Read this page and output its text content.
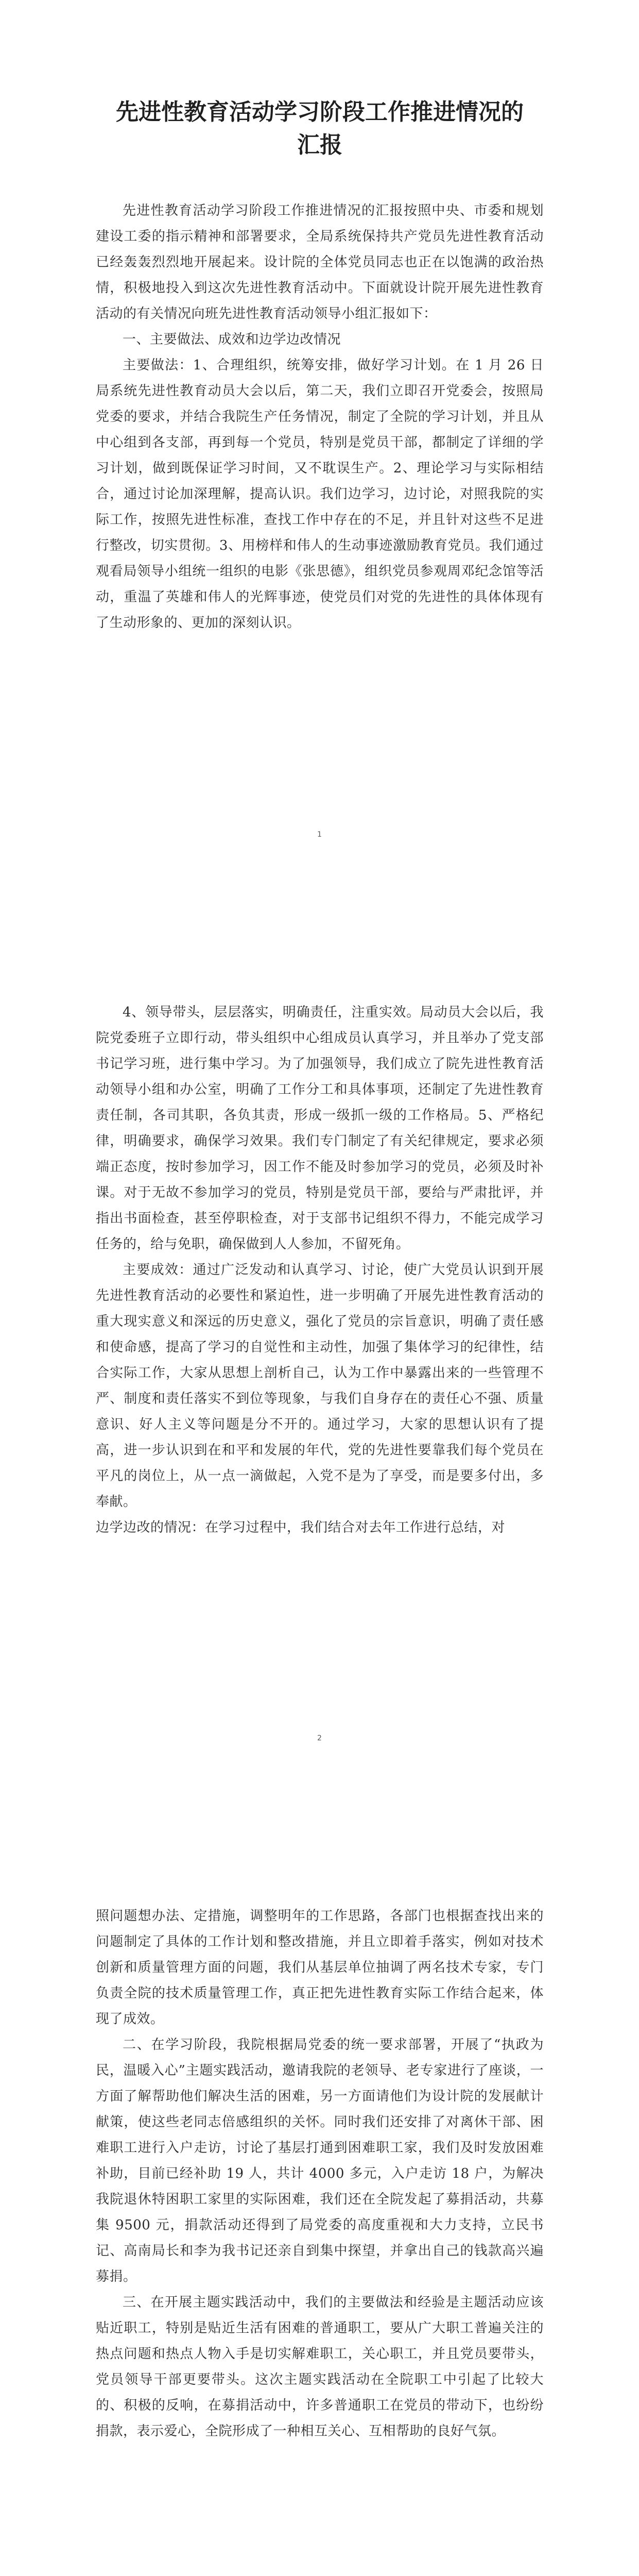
先进性教育活动学习阶段工作推进情况的
汇报

先进性教育活动学习阶段工作推进情况的汇报按照中央、市委和规划建设工委的指示精神和部署要求，全局系统保持共产党员先进性教育活动已经轰轰烈烈地开展起来。设计院的全体党员同志也正在以饱满的政治热情，积极地投入到这次先进性教育活动中。下面就设计院开展先进性教育活动的有关情况向班先进性教育活动领导小组汇报如下：

一、主要做法、成效和边学边改情况

主要做法：1、合理组织，统筹安排，做好学习计划。在 1 月 26 日局系统先进性教育动员大会以后，第二天，我们立即召开党委会，按照局党委的要求，并结合我院生产任务情况，制定了全院的学习计划，并且从中心组到各支部，再到每一个党员，特别是党员干部，都制定了详细的学习计划，做到既保证学习时间，又不耽误生产。2、理论学习与实际相结合，通过讨论加深理解，提高认识。我们边学习，边讨论，对照我院的实际工作，按照先进性标准，查找工作中存在的不足，并且针对这些不足进行整改，切实贯彻。3、用榜样和伟人的生动事迹激励教育党员。我们通过观看局领导小组统一组织的电影《张思德》，组织党员参观周邓纪念馆等活动，重温了英雄和伟人的光辉事迹，使党员们对党的先进性的具体体现有了生动形象的、更加的深刻认识。

1

4、领导带头，层层落实，明确责任，注重实效。局动员大会以后，我院党委班子立即行动，带头组织中心组成员认真学习，并且举办了党支部书记学习班，进行集中学习。为了加强领导，我们成立了院先进性教育活动领导小组和办公室，明确了工作分工和具体事项，还制定了先进性教育责任制，各司其职，各负其责，形成一级抓一级的工作格局。5、严格纪律，明确要求，确保学习效果。我们专门制定了有关纪律规定，要求必须端正态度，按时参加学习，因工作不能及时参加学习的党员，必须及时补课。对于无故不参加学习的党员，特别是党员干部，要给与严肃批评，并指出书面检查，甚至停职检查，对于支部书记组织不得力，不能完成学习任务的，给与免职，确保做到人人参加，不留死角。

主要成效：通过广泛发动和认真学习、讨论，使广大党员认识到开展先进性教育活动的必要性和紧迫性，进一步明确了开展先进性教育活动的重大现实意义和深远的历史意义，强化了党员的宗旨意识，明确了责任感和使命感，提高了学习的自觉性和主动性，加强了集体学习的纪律性，结合实际工作，大家从思想上剖析自己，认为工作中暴露出来的一些管理不严、制度和责任落实不到位等现象，与我们自身存在的责任心不强、质量意识、好人主义等问题是分不开的。通过学习，大家的思想认识有了提高，进一步认识到在和平和发展的年代，党的先进性要靠我们每个党员在平凡的岗位上，从一点一滴做起，入党不是为了享受，而是要多付出，多奉献。

边学边改的情况：在学习过程中，我们结合对去年工作进行总结，对

2

照问题想办法、定措施，调整明年的工作思路，各部门也根据查找出来的问题制定了具体的工作计划和整改措施，并且立即着手落实，例如对技术创新和质量管理方面的问题，我们从基层单位抽调了两名技术专家，专门负责全院的技术质量管理工作，真正把先进性教育实际工作结合起来，体现了成效。

二、在学习阶段，我院根据局党委的统一要求部署，开展了“执政为民，温暖入心”主题实践活动，邀请我院的老领导、老专家进行了座谈，一方面了解帮助他们解决生活的困难，另一方面请他们为设计院的发展献计献策，使这些老同志倍感组织的关怀。同时我们还安排了对离休干部、困难职工进行入户走访，讨论了基层打通到困难职工家，我们及时发放困难补助，目前已经补助 19 人，共计 4000 多元，入户走访 18 户，为解决我院退休特困职工家里的实际困难，我们还在全院发起了募捐活动，共募集 9500 元，捐款活动还得到了局党委的高度重视和大力支持，立民书记、高南局长和李为我书记还亲自到集中探望，并拿出自己的钱款高兴遍募捐。

三、在开展主题实践活动中，我们的主要做法和经验是主题活动应该贴近职工，特别是贴近生活有困难的普通职工，要从广大职工普遍关注的热点问题和热点人物入手是切实解难职工，关心职工，并且党员要带头，党员领导干部更要带头。这次主题实践活动在全院职工中引起了比较大的、积极的反响，在募捐活动中，许多普通职工在党员的带动下，也纷纷捐款，表示爱心，全院形成了一种相互关心、互相帮助的良好气氛。
